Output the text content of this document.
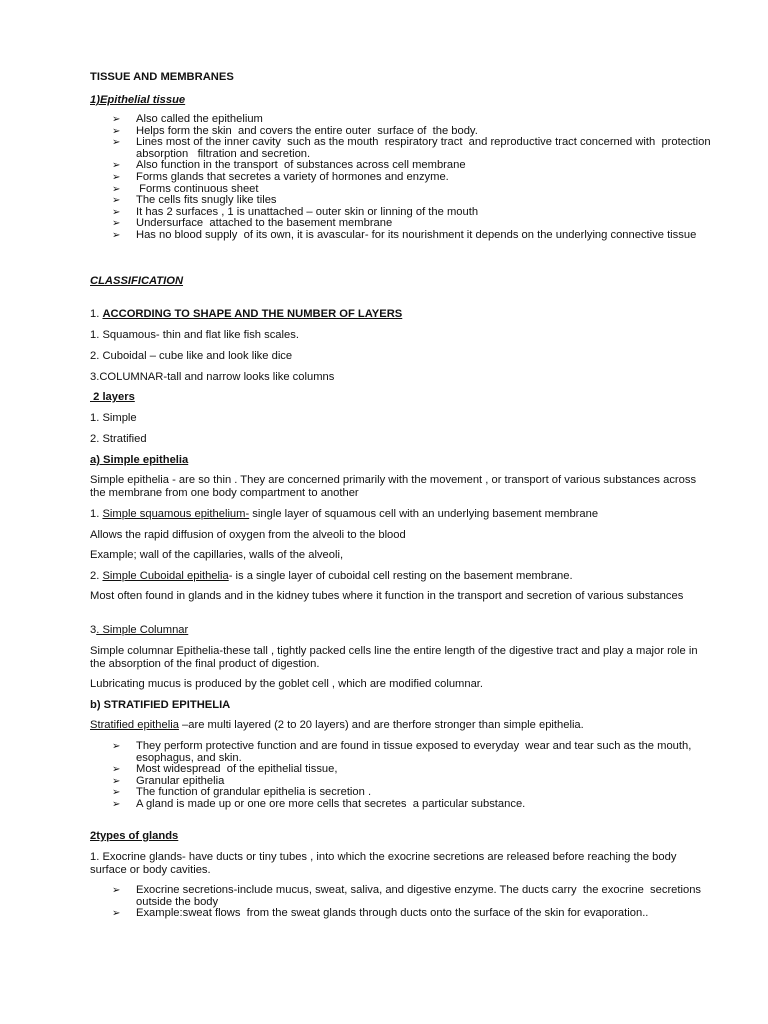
TISSUE AND MEMBRANES
1)Epithelial tissue
➢ Also called the epithelium
➢ Helps form the skin  and covers the entire outer  surface of  the body.
➢ Lines most of the inner cavity  such as the mouth  respiratory tract  and reproductive tract concerned with  protection absorption   filtration and secretion.
➢ Also function in the transport  of substances across cell membrane
➢ Forms glands that secretes a variety of hormones and enzyme.
➢ Forms continuous sheet
➢ The cells fits snugly like tiles
➢ It has 2 surfaces , 1 is unattached – outer skin or linning of the mouth
➢ Undersurface  attached to the basement membrane
➢ Has no blood supply  of its own, it is avascular- for its nourishment it depends on the underlying connective tissue
CLASSIFICATION
1. ACCORDING TO SHAPE AND THE NUMBER OF LAYERS
1. Squamous- thin and flat like fish scales.
2. Cuboidal – cube like and look like dice
3.COLUMNAR-tall and narrow looks like columns
2 layers
1. Simple
2. Stratified
a) Simple epithelia
Simple epithelia - are so thin . They are concerned primarily with the movement , or transport of various substances across the membrane from one body compartment to another
1. Simple squamous epithelium- single layer of squamous cell with an underlying basement membrane
Allows the rapid diffusion of oxygen from the alveoli to the blood
Example; wall of the capillaries, walls of the alveoli,
2. Simple Cuboidal epithelia- is a single layer of cuboidal cell resting on the basement membrane.
Most often found in glands and in the kidney tubes where it function in the transport and secretion of various substances
3. Simple Columnar
Simple columnar Epithelia-these tall , tightly packed cells line the entire length of the digestive tract and play a major role in the absorption of the final product of digestion.
Lubricating mucus is produced by the goblet cell , which are modified columnar.
b) STRATIFIED EPITHELIA
Stratified epithelia –are multi layered (2 to 20 layers) and are therfore stronger than simple epithelia.
➢ They perform protective function and are found in tissue exposed to everyday  wear and tear such as the mouth, esophagus, and skin.
➢ Most widespread  of the epithelial tissue,
➢ Granular epithelia
➢ The function of grandular epithelia is secretion .
➢ A gland is made up or one ore more cells that secretes  a particular substance.
2types of glands
1. Exocrine glands- have ducts or tiny tubes , into which the exocrine secretions are released before reaching the body surface or body cavities.
➢ Exocrine secretions-include mucus, sweat, saliva, and digestive enzyme. The ducts carry  the exocrine  secretions outside the body
➢ Example:sweat flows  from the sweat glands through ducts onto the surface of the skin for evaporation..
